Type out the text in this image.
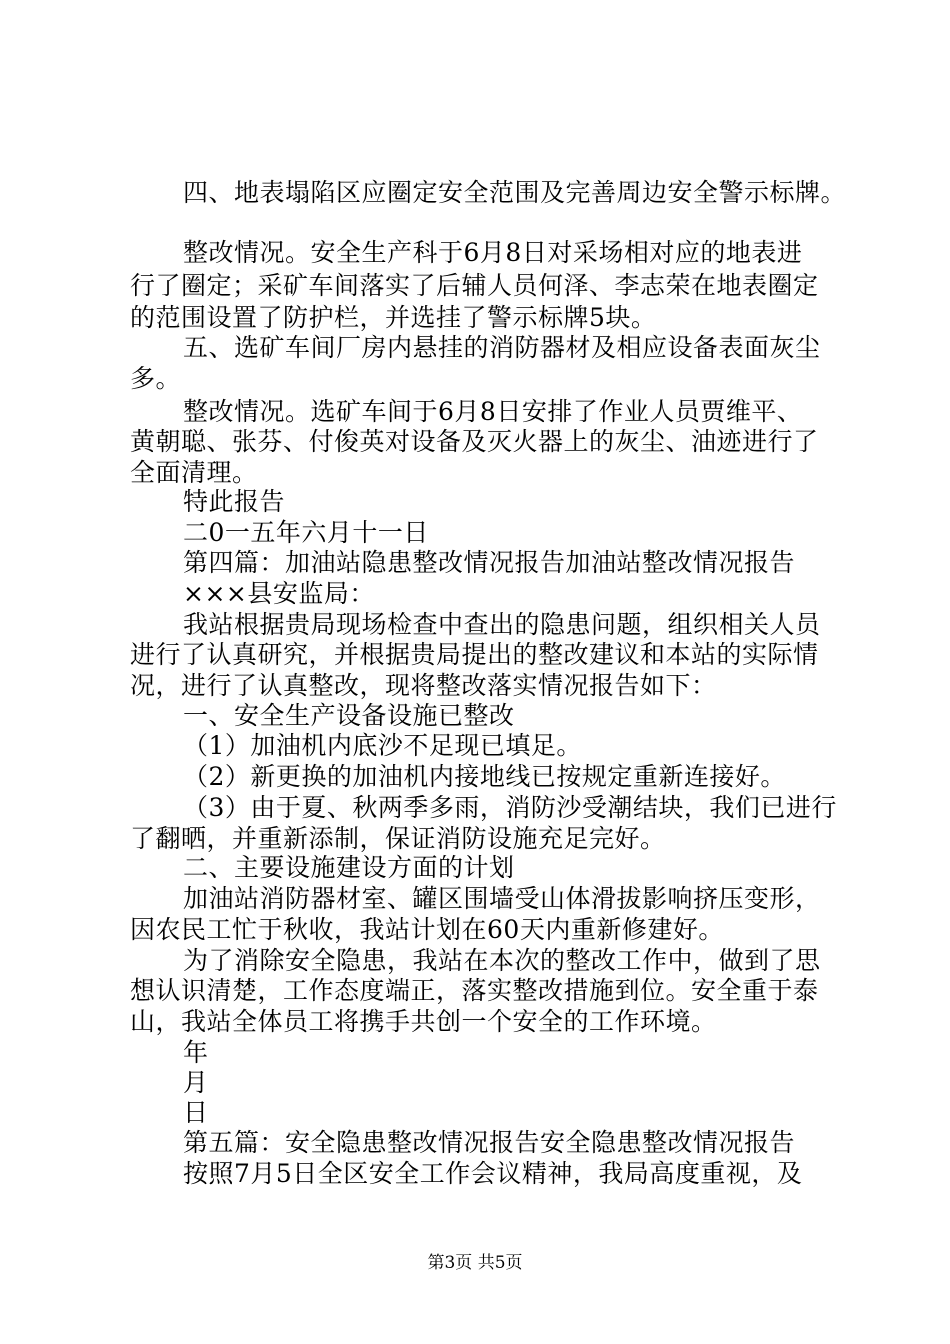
四、地表塌陷区应圈定安全范围及完善周边安全警示标牌。
整改情况。安全生产科于6月8日对采场相对应的地表进
行了圈定；采矿车间落实了后辅人员何泽、李志荣在地表圈定
的范围设置了防护栏，并选挂了警示标牌5块。
五、选矿车间厂房内悬挂的消防器材及相应设备表面灰尘
多。
整改情况。选矿车间于6月8日安排了作业人员贾维平、
黄朝聪、张芬、付俊英对设备及灭火器上的灰尘、油迹进行了
全面清理。
特此报告
二0一五年六月十一日
第四篇：加油站隐患整改情况报告加油站整改情况报告
×××县安监局：
我站根据贵局现场检查中查出的隐患问题，组织相关人员
进行了认真研究，并根据贵局提出的整改建议和本站的实际情
况，进行了认真整改，现将整改落实情况报告如下：
一、安全生产设备设施已整改
（1）加油机内底沙不足现已填足。
（2）新更换的加油机内接地线已按规定重新连接好。
（3）由于夏、秋两季多雨，消防沙受潮结块，我们已进行
了翻晒，并重新添制，保证消防设施充足完好。
二、主要设施建设方面的计划
加油站消防器材室、罐区围墙受山体滑拔影响挤压变形，
因农民工忙于秋收，我站计划在60天内重新修建好。
为了消除安全隐患，我站在本次的整改工作中，做到了思
想认识清楚，工作态度端正，落实整改措施到位。安全重于泰
山，我站全体员工将携手共创一个安全的工作环境。
年
月
日
第五篇：安全隐患整改情况报告安全隐患整改情况报告
按照7月5日全区安全工作会议精神，我局高度重视，及
第3页 共5页
